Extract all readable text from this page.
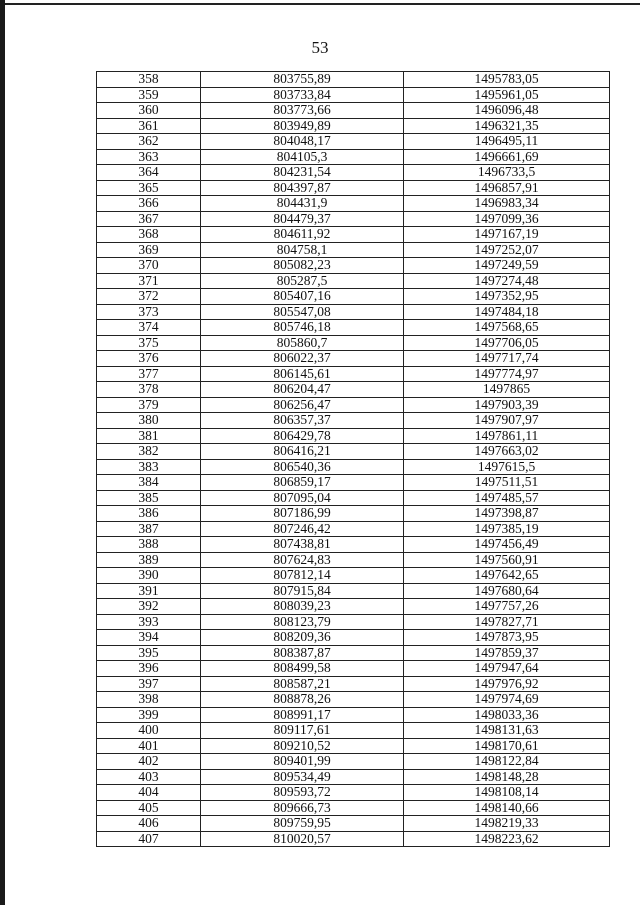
53
358	803755,89	1495783,05
359	803733,84	1495961,05
360	803773,66	1496096,48
361	803949,89	1496321,35
362	804048,17	1496495,11
363	804105,3	1496661,69
364	804231,54	1496733,5
365	804397,87	1496857,91
366	804431,9	1496983,34
367	804479,37	1497099,36
368	804611,92	1497167,19
369	804758,1	1497252,07
370	805082,23	1497249,59
371	805287,5	1497274,48
372	805407,16	1497352,95
373	805547,08	1497484,18
374	805746,18	1497568,65
375	805860,7	1497706,05
376	806022,37	1497717,74
377	806145,61	1497774,97
378	806204,47	1497865
379	806256,47	1497903,39
380	806357,37	1497907,97
381	806429,78	1497861,11
382	806416,21	1497663,02
383	806540,36	1497615,5
384	806859,17	1497511,51
385	807095,04	1497485,57
386	807186,99	1497398,87
387	807246,42	1497385,19
388	807438,81	1497456,49
389	807624,83	1497560,91
390	807812,14	1497642,65
391	807915,84	1497680,64
392	808039,23	1497757,26
393	808123,79	1497827,71
394	808209,36	1497873,95
395	808387,87	1497859,37
396	808499,58	1497947,64
397	808587,21	1497976,92
398	808878,26	1497974,69
399	808991,17	1498033,36
400	809117,61	1498131,63
401	809210,52	1498170,61
402	809401,99	1498122,84
403	809534,49	1498148,28
404	809593,72	1498108,14
405	809666,73	1498140,66
406	809759,95	1498219,33
407	810020,57	1498223,62
